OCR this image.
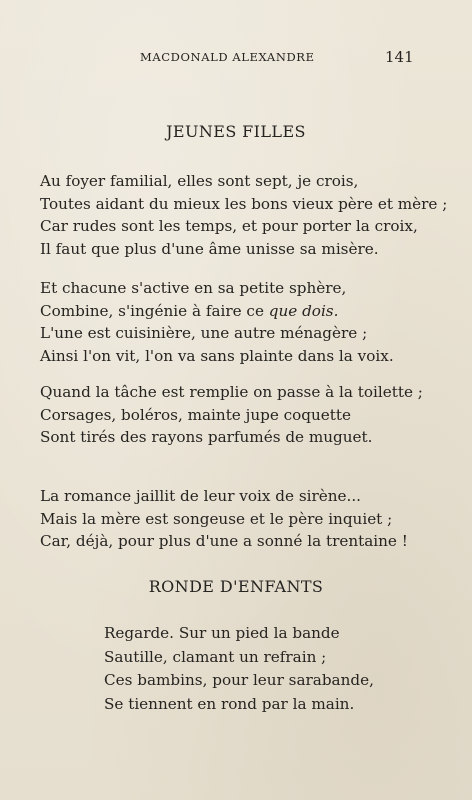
MACDONALD ALEXANDRE	141
JEUNES FILLES
Au foyer familial, elles sont sept, je crois,
Toutes aidant du mieux les bons vieux père et mère ;
Car rudes sont les temps, et pour porter la croix,
Il faut que plus d'une âme unisse sa misère.
Et chacune s'active en sa petite sphère,
Combine, s'ingénie à faire ce que dois.
L'une est cuisinière, une autre ménagère ;
Ainsi l'on vit, l'on va sans plainte dans la voix.
Quand la tâche est remplie on passe à la toilette ;
Corsages, boléros, mainte jupe coquette
Sont tirés des rayons parfumés de muguet.
La romance jaillit de leur voix de sirène...
Mais la mère est songeuse et le père inquiet ;
Car, déjà, pour plus d'une a sonné la trentaine !
RONDE D'ENFANTS
Regarde. Sur un pied la bande
Sautille, clamant un refrain ;
Ces bambins, pour leur sarabande,
Se tiennent en rond par la main.
